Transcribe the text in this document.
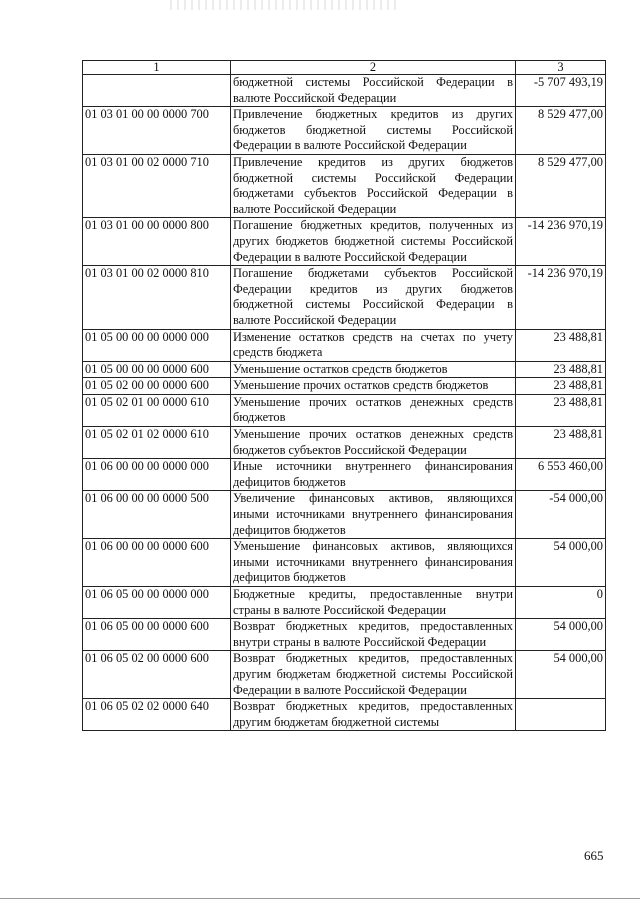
1	2	3
	бюджетной системы Российской Федерации в валюте Российской Федерации	-5 707 493,19
01 03 01 00 00 0000 700	Привлечение бюджетных кредитов из других бюджетов бюджетной системы Российской Федерации в валюте Российской Федерации	8 529 477,00
01 03 01 00 02 0000 710	Привлечение кредитов из других бюджетов бюджетной системы Российской Федерации бюджетами субъектов Российской Федерации в валюте Российской Федерации	8 529 477,00
01 03 01 00 00 0000 800	Погашение бюджетных кредитов, полученных из других бюджетов бюджетной системы Российской Федерации в валюте Российской Федерации	-14 236 970,19
01 03 01 00 02 0000 810	Погашение бюджетами субъектов Российской Федерации кредитов из других бюджетов бюджетной системы Российской Федерации в валюте Российской Федерации	-14 236 970,19
01 05 00 00 00 0000 000	Изменение остатков средств на счетах по учету средств бюджета	23 488,81
01 05 00 00 00 0000 600	Уменьшение остатков средств бюджетов	23 488,81
01 05 02 00 00 0000 600	Уменьшение прочих остатков средств бюджетов	23 488,81
01 05 02 01 00 0000 610	Уменьшение прочих остатков денежных средств бюджетов	23 488,81
01 05 02 01 02 0000 610	Уменьшение прочих остатков денежных средств бюджетов субъектов Российской Федерации	23 488,81
01 06 00 00 00 0000 000	Иные источники внутреннего финансирования дефицитов бюджетов	6 553 460,00
01 06 00 00 00 0000 500	Увеличение финансовых активов, являющихся иными источниками внутреннего финансирования дефицитов бюджетов	-54 000,00
01 06 00 00 00 0000 600	Уменьшение финансовых активов, являющихся иными источниками внутреннего финансирования дефицитов бюджетов	54 000,00
01 06 05 00 00 0000 000	Бюджетные кредиты, предоставленные внутри страны в валюте Российской Федерации	0
01 06 05 00 00 0000 600	Возврат бюджетных кредитов, предоставленных внутри страны в валюте Российской Федерации	54 000,00
01 06 05 02 00 0000 600	Возврат бюджетных кредитов, предоставленных другим бюджетам бюджетной системы Российской Федерации в валюте Российской Федерации	54 000,00
01 06 05 02 02 0000 640	Возврат бюджетных кредитов, предоставленных другим бюджетам бюджетной системы	
665
